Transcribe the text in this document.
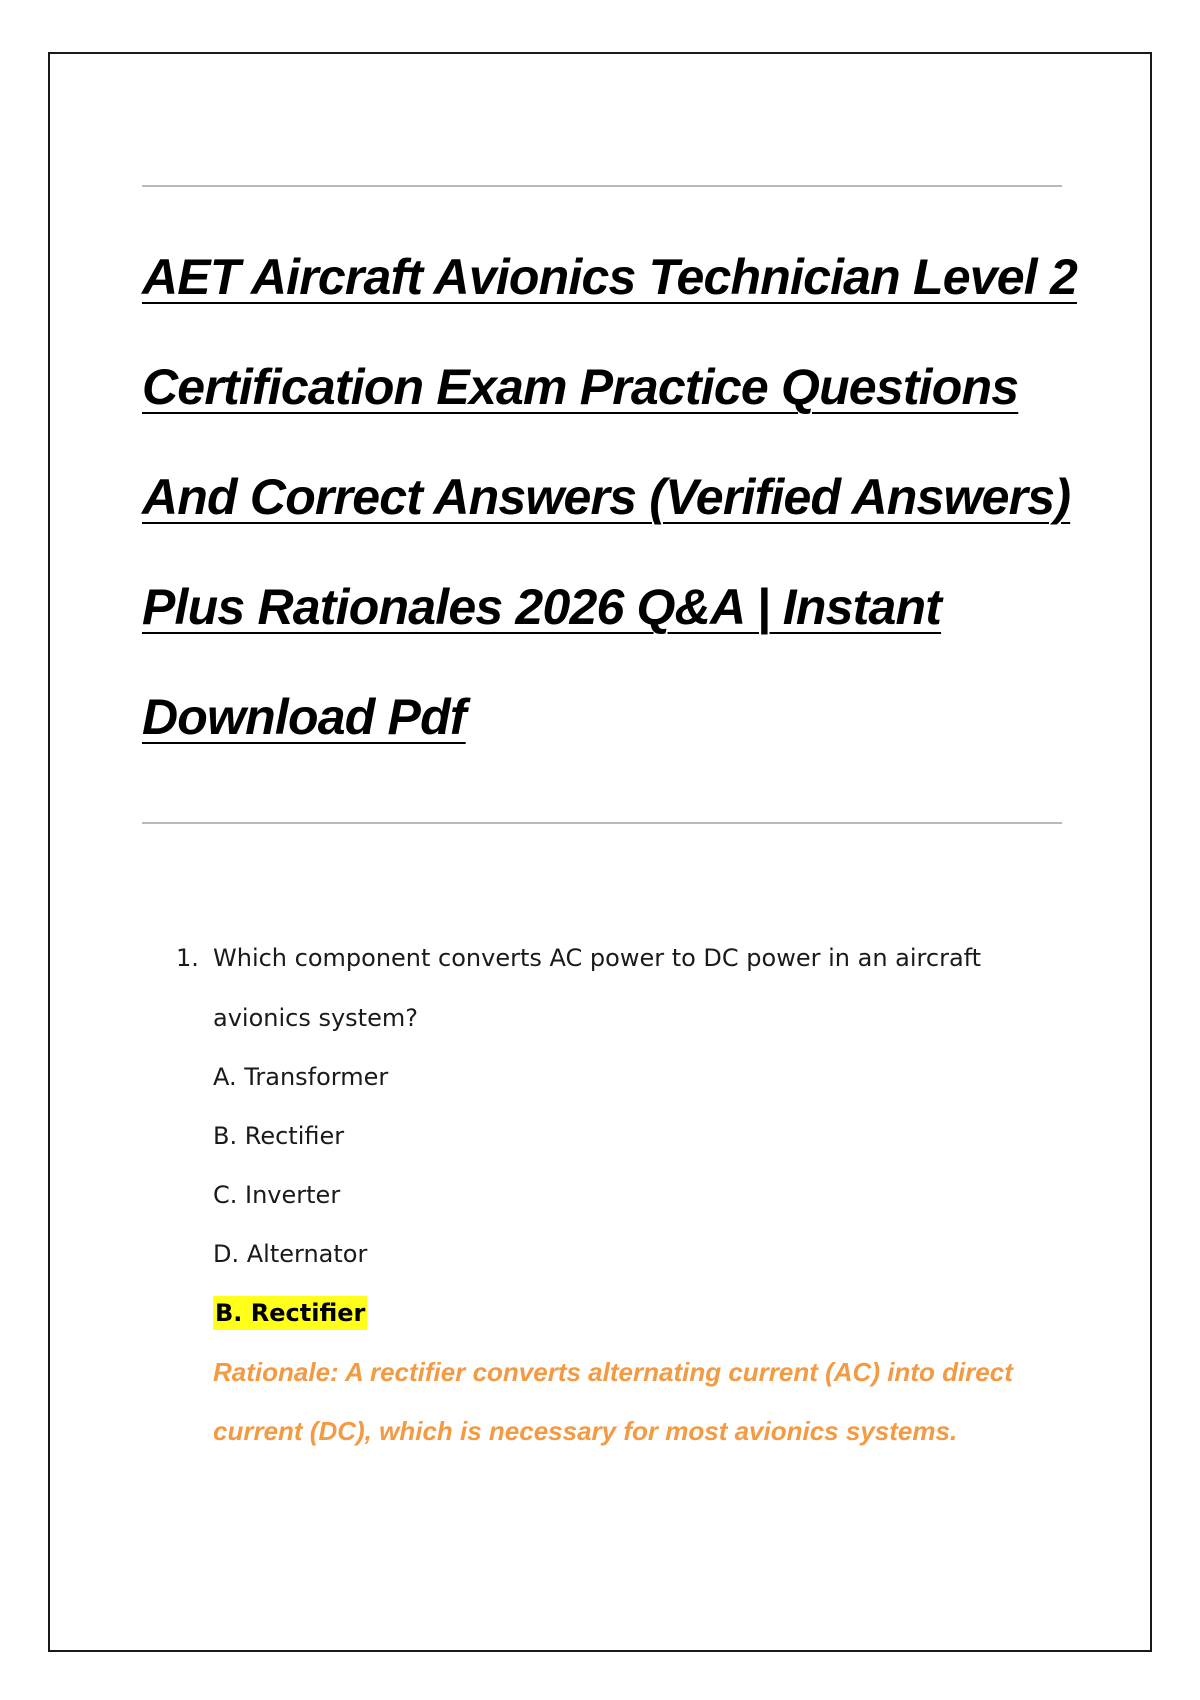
AET Aircraft Avionics Technician Level 2
Certification Exam Practice Questions
And Correct Answers (Verified Answers)
Plus Rationales 2026 Q&A | Instant
Download Pdf
1. Which component converts AC power to DC power in an aircraft avionics system?

A. Transformer
B. Rectifier
C. Inverter
D. Alternator
B. Rectifier

Rationale: A rectifier converts alternating current (AC) into direct current (DC), which is necessary for most avionics systems.
